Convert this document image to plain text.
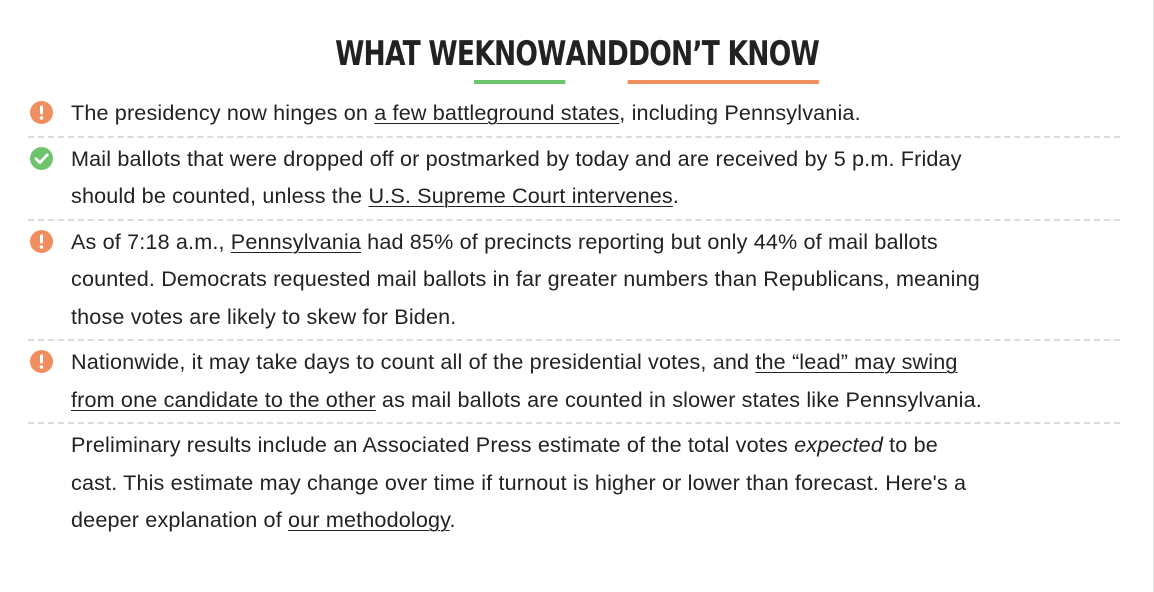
WHAT WEKNOWANDDON’T KNOW
The presidency now hinges on a few battleground states, including Pennsylvania.
Mail ballots that were dropped off or postmarked by today and are received by 5 p.m. Friday
should be counted, unless the U.S. Supreme Court intervenes.
As of 7:18 a.m., Pennsylvania had 85% of precincts reporting but only 44% of mail ballots
counted. Democrats requested mail ballots in far greater numbers than Republicans, meaning
those votes are likely to skew for Biden.
Nationwide, it may take days to count all of the presidential votes, and the “lead” may swing
from one candidate to the other as mail ballots are counted in slower states like Pennsylvania.
Preliminary results include an Associated Press estimate of the total votes expected to be
cast. This estimate may change over time if turnout is higher or lower than forecast. Here's a
deeper explanation of our methodology.
